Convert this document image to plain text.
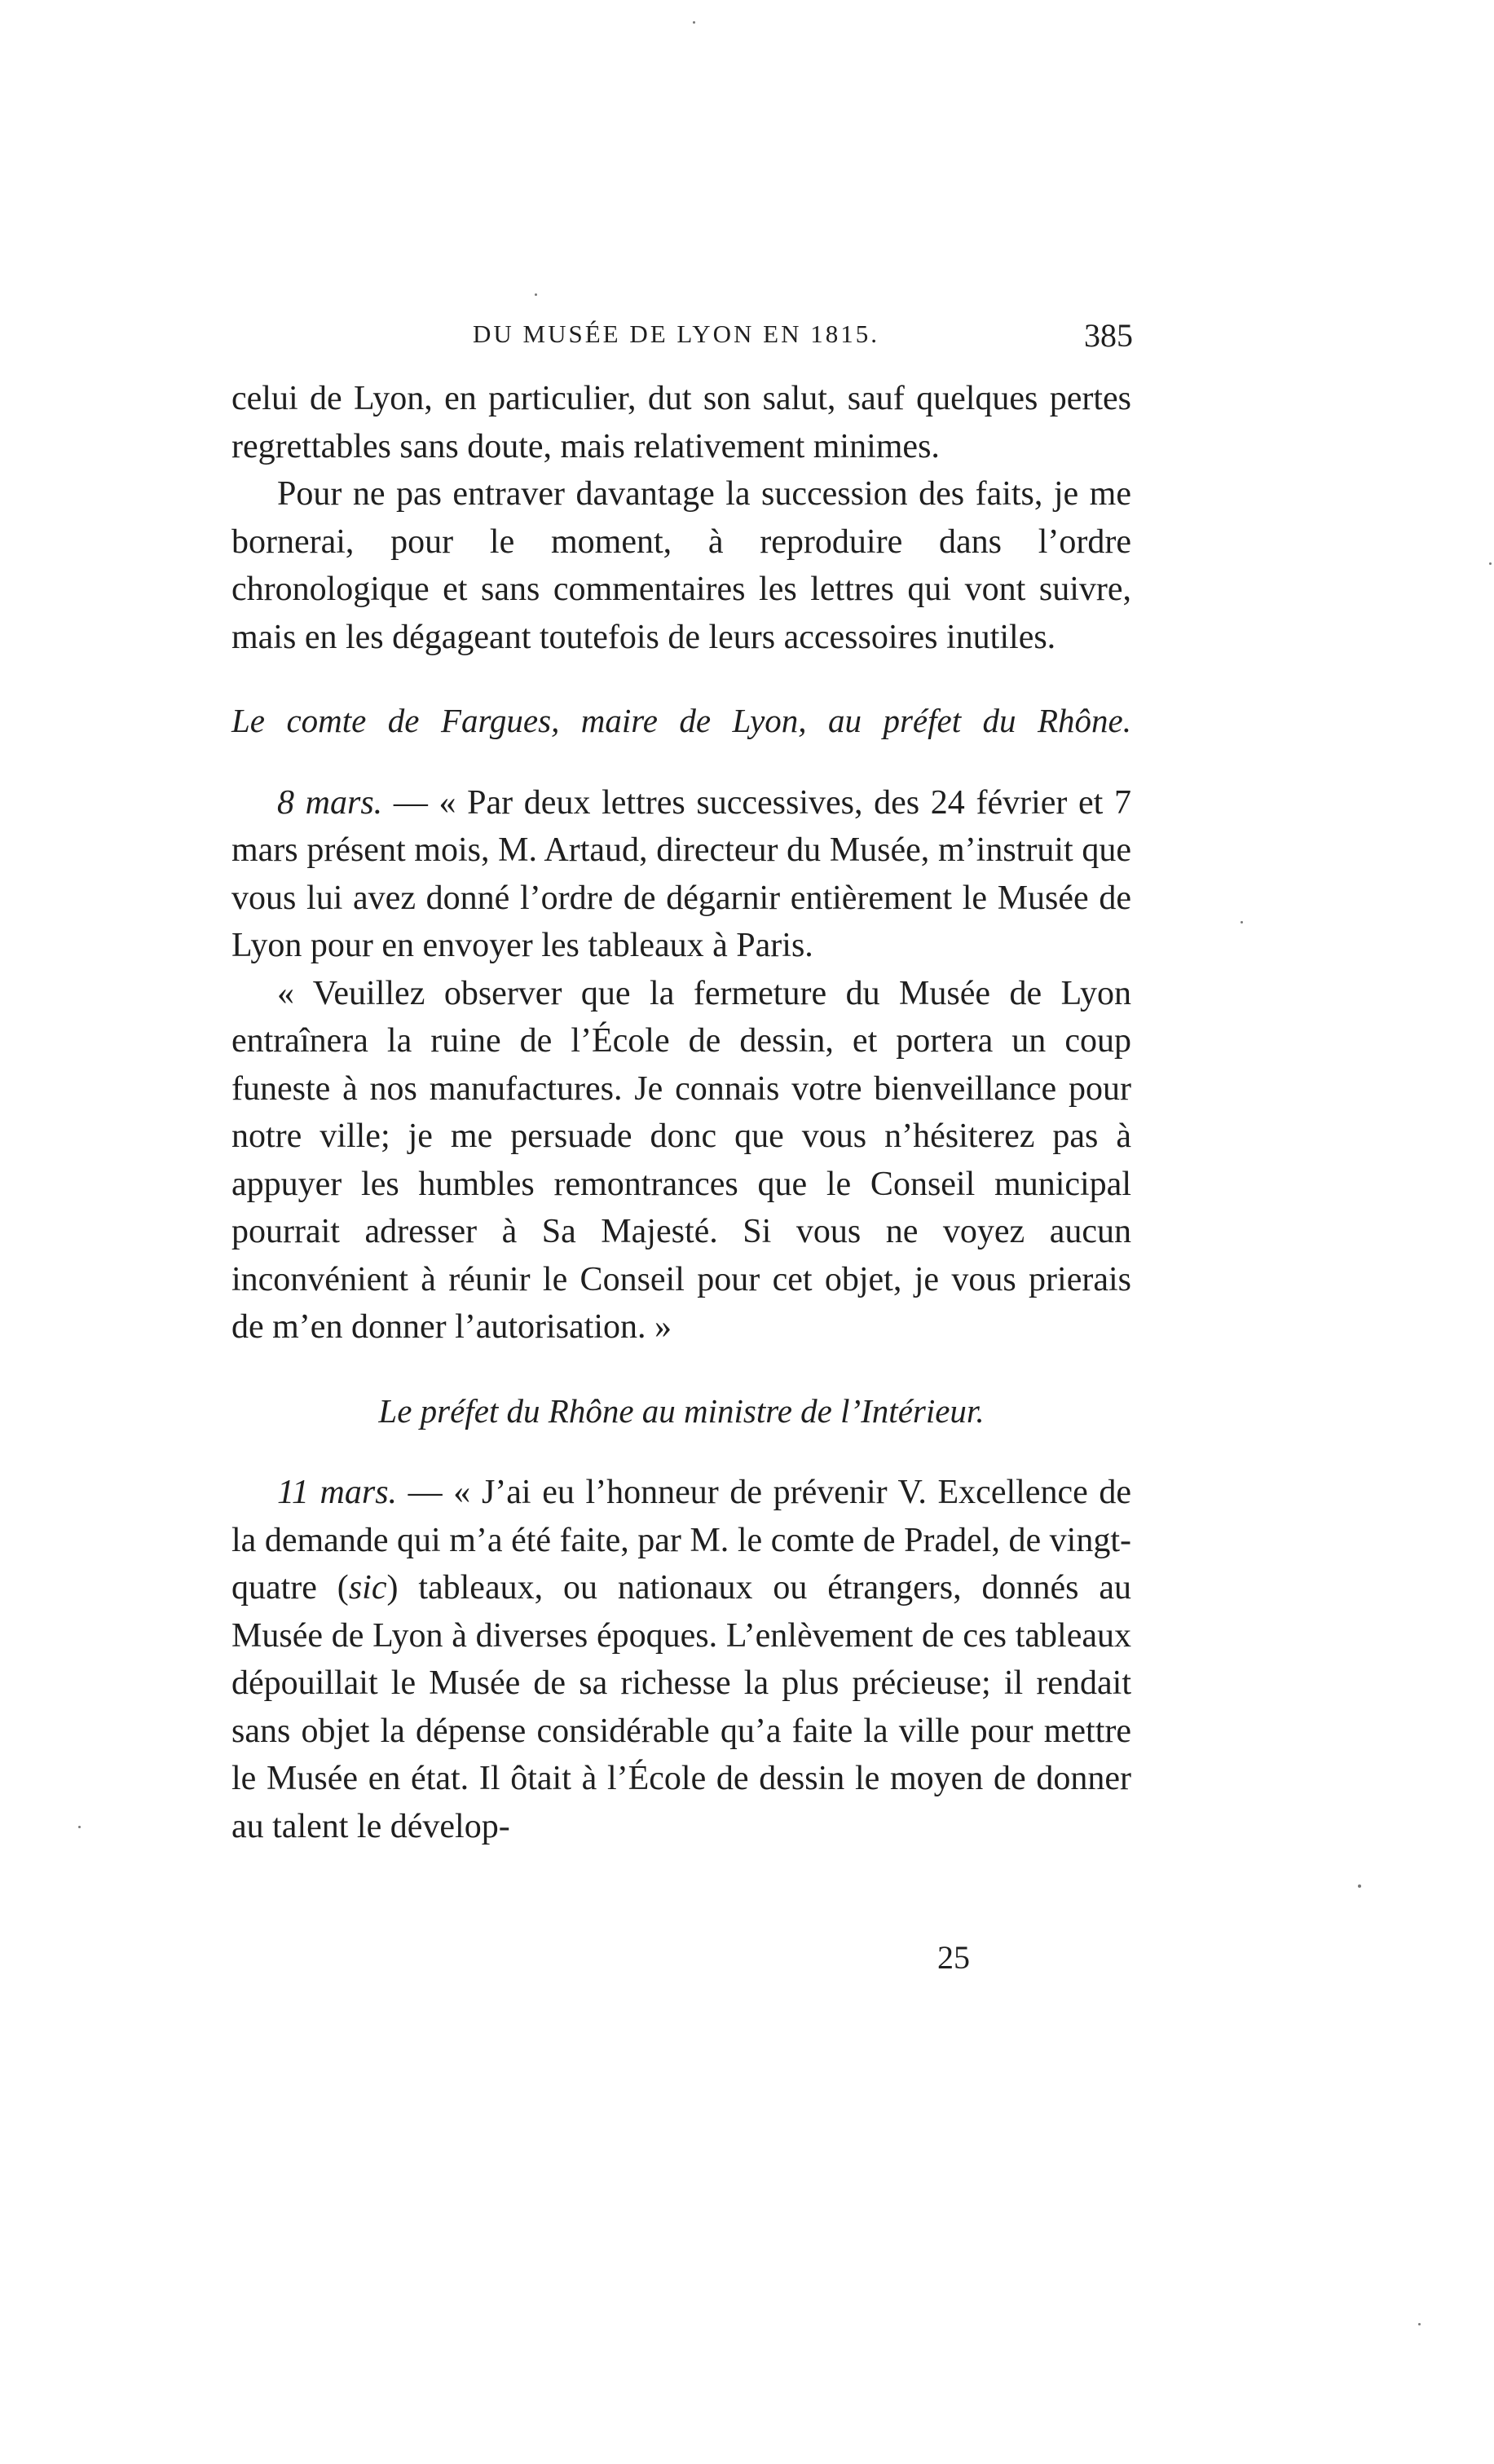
DU MUSÉE DE LYON EN 1815.	385

celui de Lyon, en particulier, dut son salut, sauf quelques pertes regrettables sans doute, mais relativement minimes.

Pour ne pas entraver davantage la succession des faits, je me bornerai, pour le moment, à reproduire dans l’ordre chronologique et sans commentaires les lettres qui vont suivre, mais en les dégageant toutefois de leurs accessoires inutiles.

Le comte de Fargues, maire de Lyon, au préfet du Rhône.

8 mars. — « Par deux lettres successives, des 24 février et 7 mars présent mois, M. Artaud, directeur du Musée, m’instruit que vous lui avez donné l’ordre de dégarnir entièrement le Musée de Lyon pour en envoyer les tableaux à Paris.

« Veuillez observer que la fermeture du Musée de Lyon entraînera la ruine de l’École de dessin, et portera un coup funeste à nos manufactures. Je connais votre bienveillance pour notre ville; je me persuade donc que vous n’hésiterez pas à appuyer les humbles remontrances que le Conseil municipal pourrait adresser à Sa Majesté. Si vous ne voyez aucun inconvénient à réunir le Conseil pour cet objet, je vous prierais de m’en donner l’autorisation. »

Le préfet du Rhône au ministre de l’Intérieur.

11 mars. — « J’ai eu l’honneur de prévenir V. Excellence de la demande qui m’a été faite, par M. le comte de Pradel, de vingt-quatre (sic) tableaux, ou nationaux ou étrangers, donnés au Musée de Lyon à diverses époques. L’enlèvement de ces tableaux dépouillait le Musée de sa richesse la plus précieuse; il rendait sans objet la dépense considérable qu’a faite la ville pour mettre le Musée en état. Il ôtait à l’École de dessin le moyen de donner au talent le dévelop-

25
